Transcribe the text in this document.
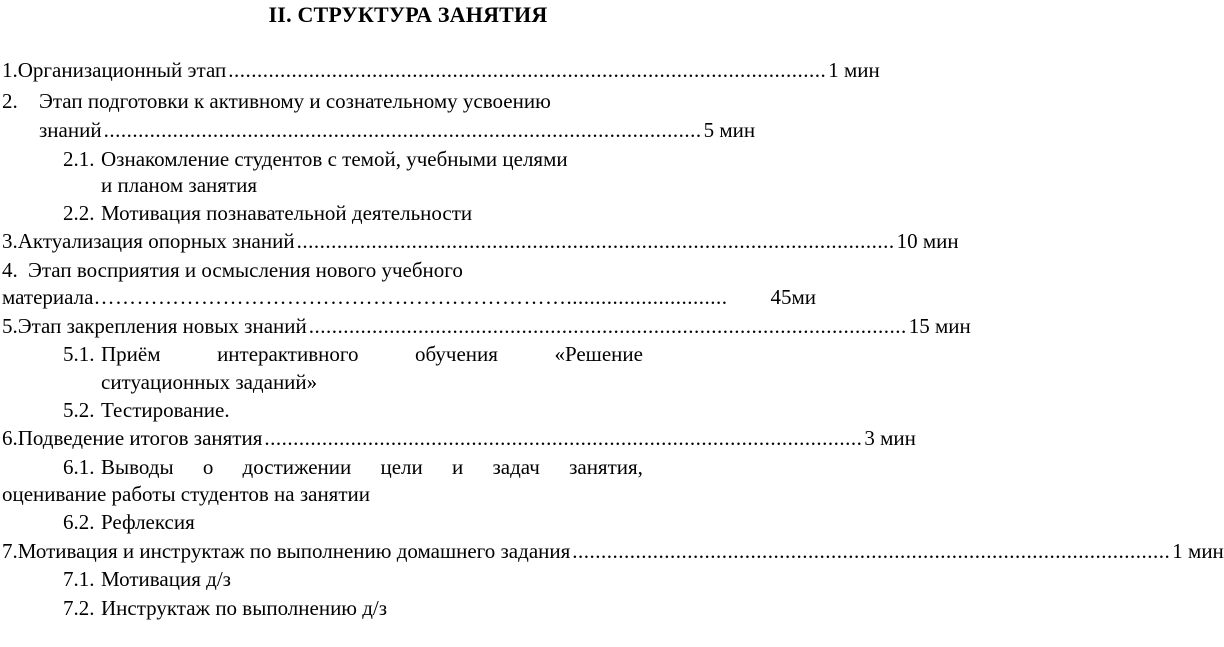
II. СТРУКТУРА ЗАНЯТИЯ
1. Организационный этап ........................................................................................................ 1 мин
2. Этап подготовки к активному и сознательному усвоению
знаний ........................................................................................................ 5 мин
2.1. Ознакомление студентов с темой, учебными целями
и планом занятия
2.2. Мотивация познавательной деятельности
3. Актуализация опорных знаний ........................................................................................................ 10 мин
4. Этап восприятия и осмысления нового учебного
материала …………………………………………………………............................	45ми
5. Этап закрепления новых знаний ........................................................................................................ 15 мин
5.1. Приём	интерактивного	обучения	«Решение
ситуационных заданий»
5.2. Тестирование.
6. Подведение итогов занятия ........................................................................................................ 3 мин
6.1. Выводы о достижении цели и задач занятия,
оценивание работы студентов на занятии
6.2. Рефлексия
7. Мотивация и инструктаж по выполнению домашнего задания ........................................................................................................ 1 мин
7.1. Мотивация д/з
7.2. Инструктаж по выполнению д/з
